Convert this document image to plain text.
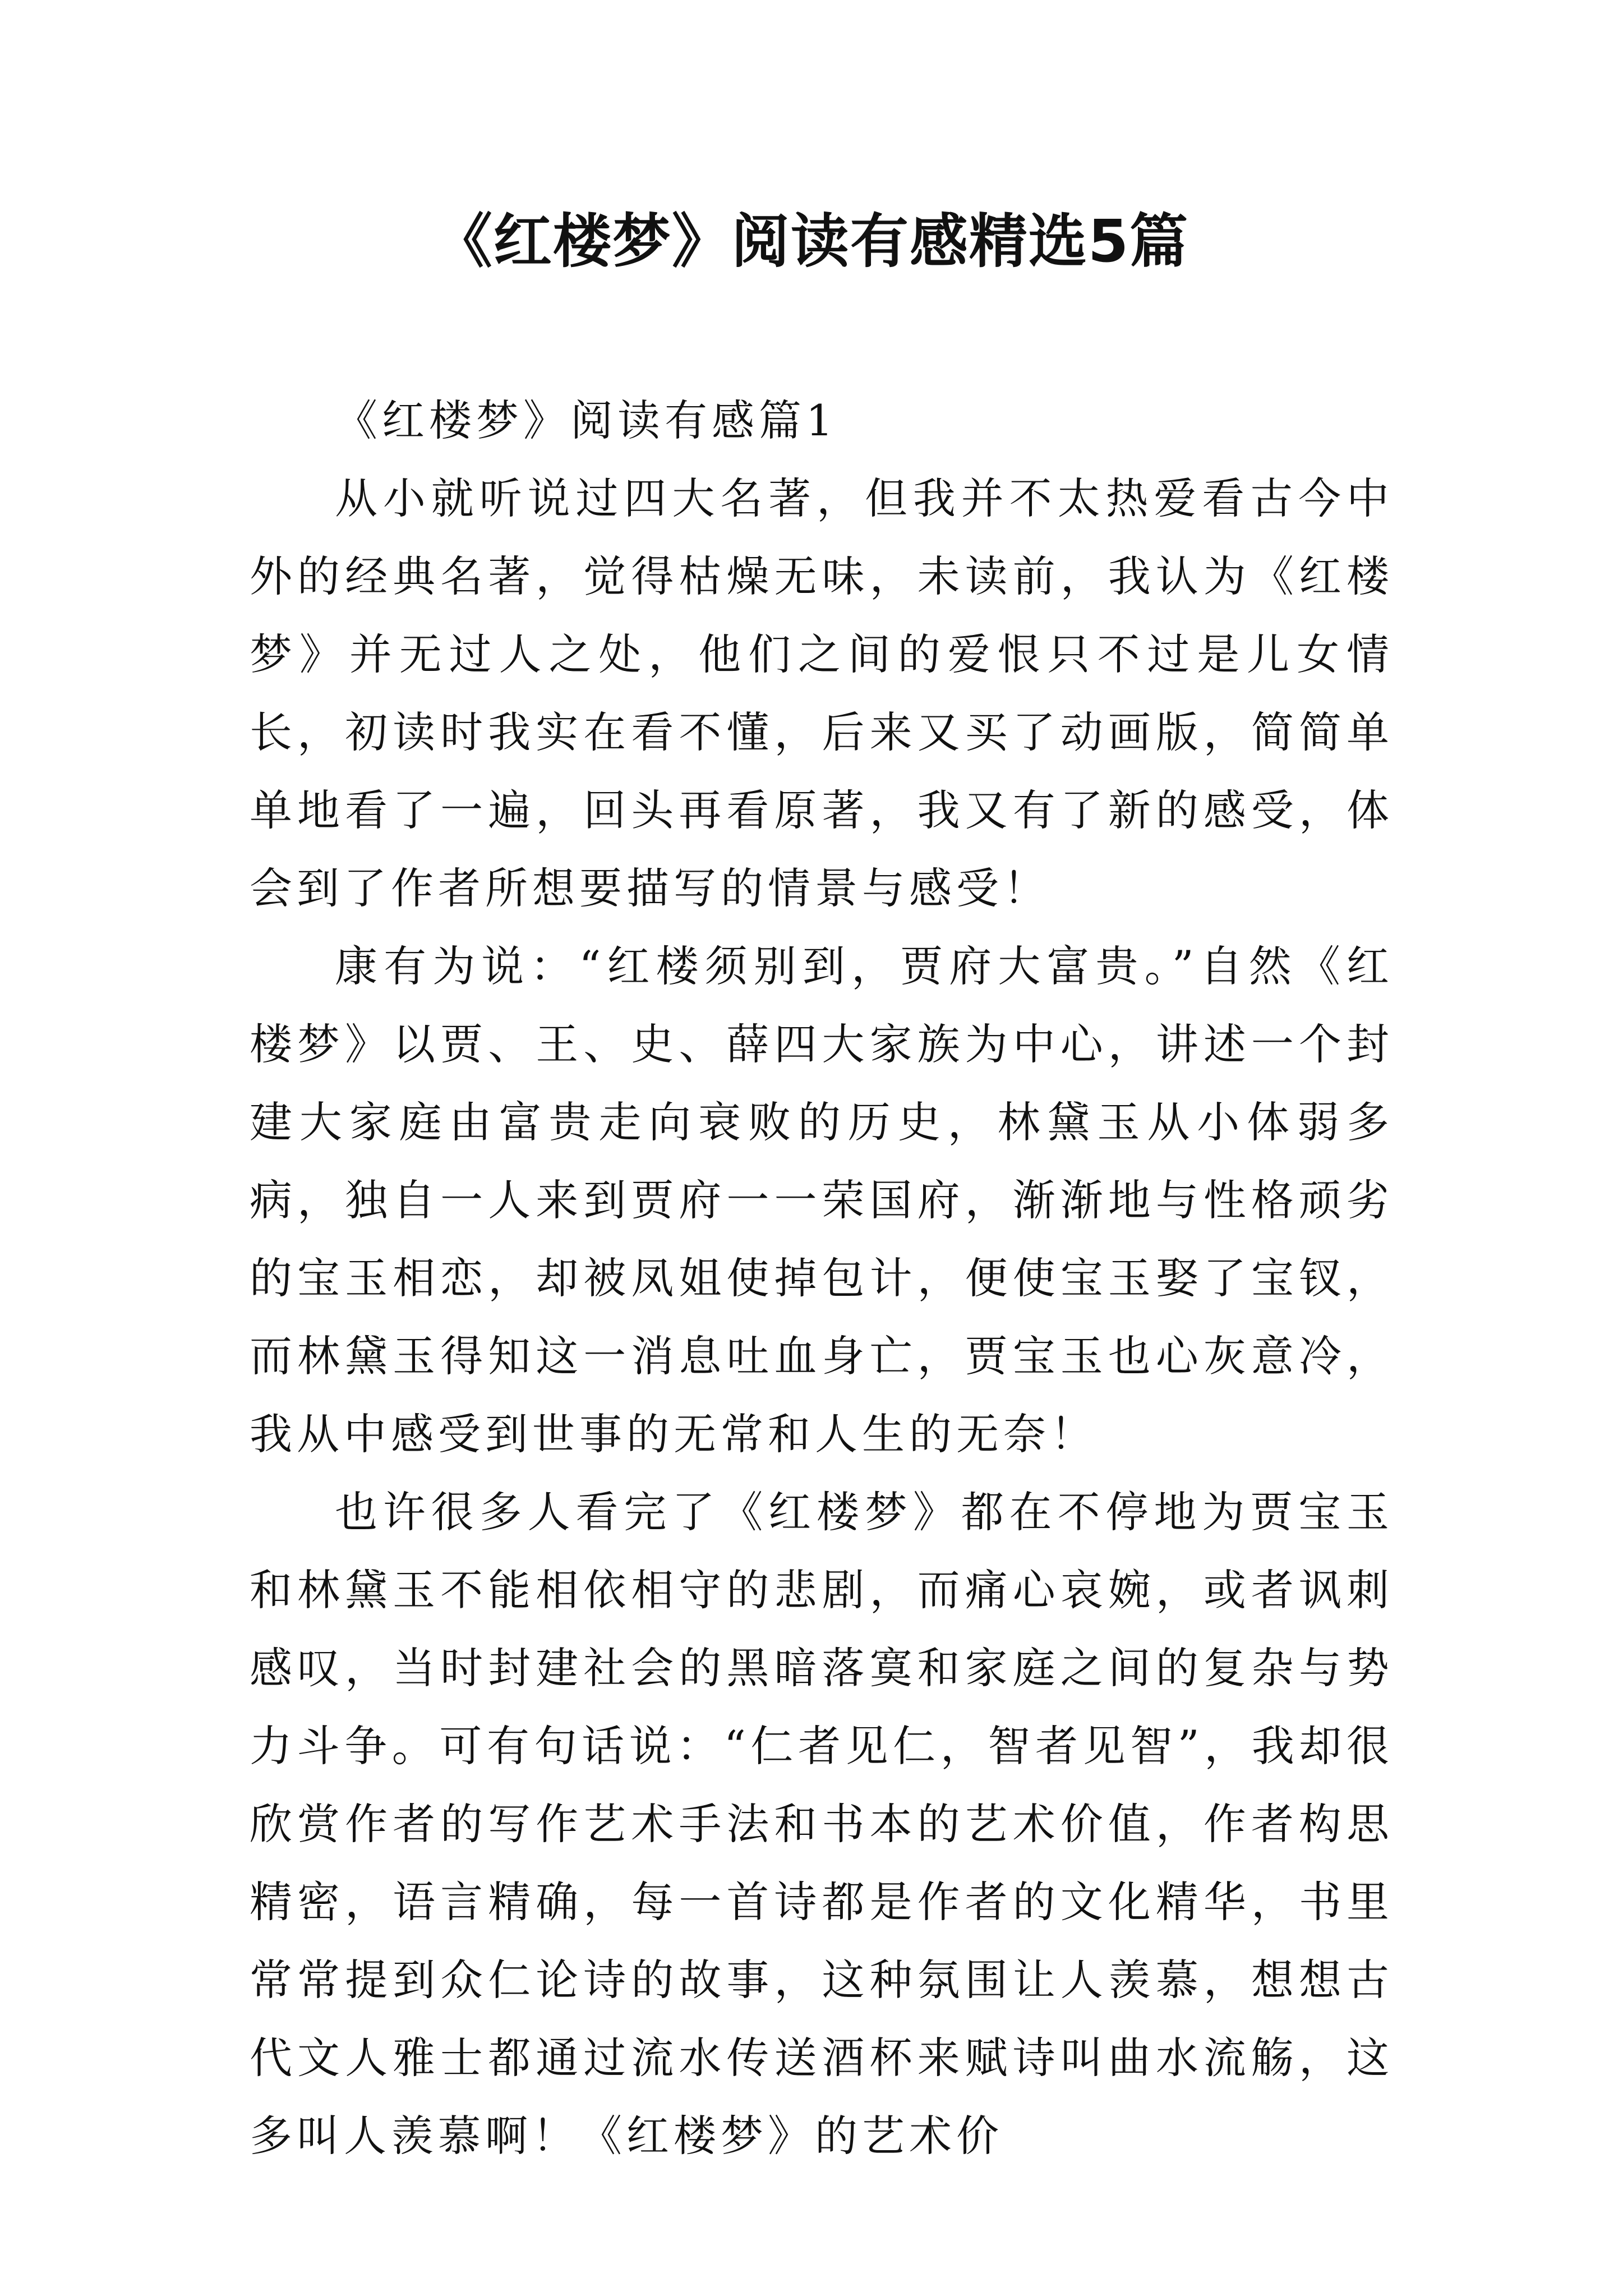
《红楼梦》阅读有感精选5篇
《红楼梦》阅读有感篇1

从小就听说过四大名著，但我并不太热爱看古今中外的经典名著，觉得枯燥无味，未读前，我认为《红楼梦》并无过人之处，他们之间的爱恨只不过是儿女情长，初读时我实在看不懂，后来又买了动画版，简简单单地看了一遍，回头再看原著，我又有了新的感受，体会到了作者所想要描写的情景与感受！

康有为说：“红楼须别到，贾府大富贵。”自然《红楼梦》以贾、王、史、薛四大家族为中心，讲述一个封建大家庭由富贵走向衰败的历史，林黛玉从小体弱多病，独自一人来到贾府一一荣国府，渐渐地与性格顽劣的宝玉相恋，却被凤姐使掉包计，便使宝玉娶了宝钗，而林黛玉得知这一消息吐血身亡，贾宝玉也心灰意冷，我从中感受到世事的无常和人生的无奈！

也许很多人看完了《红楼梦》都在不停地为贾宝玉和林黛玉不能相依相守的悲剧，而痛心哀婉，或者讽刺感叹，当时封建社会的黑暗落寞和家庭之间的复杂与势力斗争。可有句话说：“仁者见仁，智者见智”，我却很欣赏作者的写作艺术手法和书本的艺术价值，作者构思精密，语言精确，每一首诗都是作者的文化精华，书里常常提到众仁论诗的故事，这种氛围让人羡慕，想想古代文人雅士都通过流水传送酒杯来赋诗叫曲水流觞，这多叫人羡慕啊！《红楼梦》的艺术价
